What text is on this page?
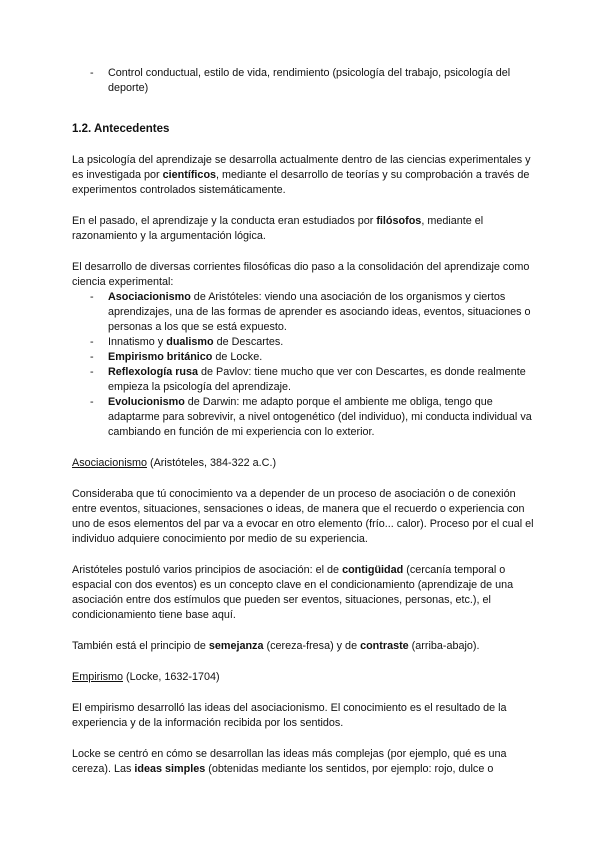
- Control conductual, estilo de vida, rendimiento (psicología del trabajo, psicología del deporte)
1.2. Antecedentes

La psicología del aprendizaje se desarrolla actualmente dentro de las ciencias experimentales y es investigada por científicos, mediante el desarrollo de teorías y su comprobación a través de experimentos controlados sistemáticamente.

En el pasado, el aprendizaje y la conducta eran estudiados por filósofos, mediante el razonamiento y la argumentación lógica.

El desarrollo de diversas corrientes filosóficas dio paso a la consolidación del aprendizaje como ciencia experimental:

- Asociacionismo de Aristóteles: viendo una asociación de los organismos y ciertos aprendizajes, una de las formas de aprender es asociando ideas, eventos, situaciones o personas a los que se está expuesto.
- Innatismo y dualismo de Descartes.
- Empirismo británico de Locke.
- Reflexología rusa de Pavlov: tiene mucho que ver con Descartes, es donde realmente empieza la psicología del aprendizaje.
- Evolucionismo de Darwin: me adapto porque el ambiente me obliga, tengo que adaptarme para sobrevivir, a nivel ontogenético (del individuo), mi conducta individual va cambiando en función de mi experiencia con lo exterior.

Asociacionismo (Aristóteles, 384-322 a.C.)

Consideraba que tú conocimiento va a depender de un proceso de asociación o de conexión entre eventos, situaciones, sensaciones o ideas, de manera que el recuerdo o experiencia con uno de esos elementos del par va a evocar en otro elemento (frío... calor). Proceso por el cual el individuo adquiere conocimiento por medio de su experiencia.

Aristóteles postuló varios principios de asociación: el de contigüidad (cercanía temporal o espacial con dos eventos) es un concepto clave en el condicionamiento (aprendizaje de una asociación entre dos estímulos que pueden ser eventos, situaciones, personas, etc.), el condicionamiento tiene base aquí.

También está el principio de semejanza (cereza-fresa) y de contraste (arriba-abajo).

Empirismo (Locke, 1632-1704)

El empirismo desarrolló las ideas del asociacionismo. El conocimiento es el resultado de la experiencia y de la información recibida por los sentidos.

Locke se centró en cómo se desarrollan las ideas más complejas (por ejemplo, qué es una cereza). Las ideas simples (obtenidas mediante los sentidos, por ejemplo: rojo, dulce o
